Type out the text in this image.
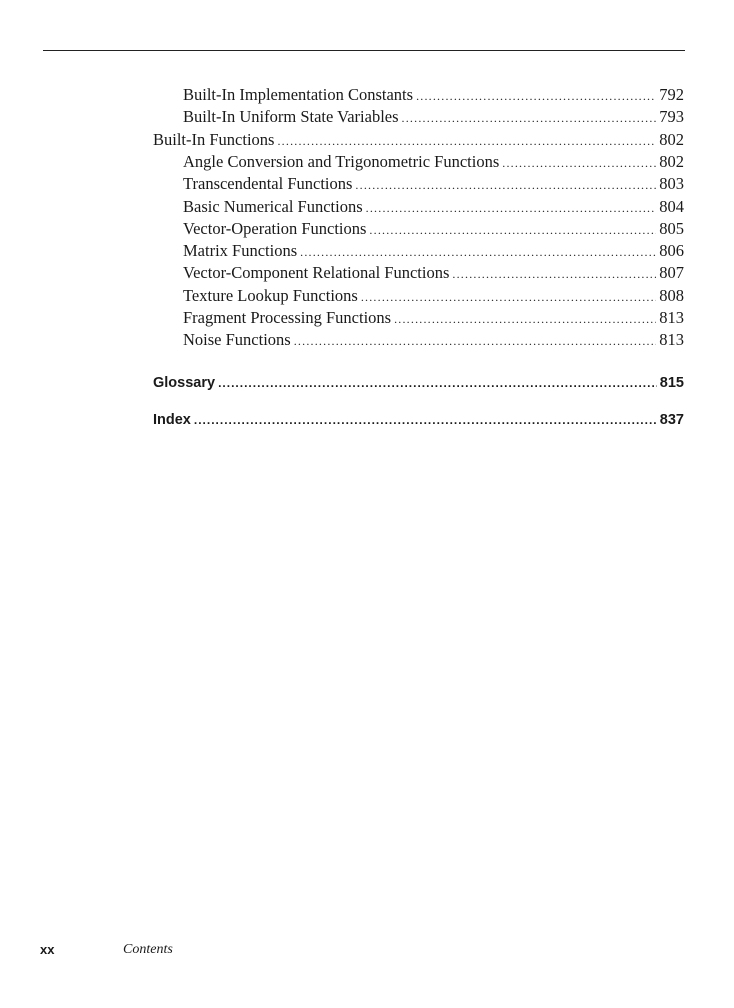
Built-In Implementation Constants .....	792
Built-In Uniform State Variables .....	793
Built-In Functions .....	802
Angle Conversion and Trigonometric Functions .....	802
Transcendental Functions .....	803
Basic Numerical Functions .....	804
Vector-Operation Functions .....	805
Matrix Functions .....	806
Vector-Component Relational Functions .....	807
Texture Lookup Functions .....	808
Fragment Processing Functions .....	813
Noise Functions .....	813
Glossary .....	815
Index .....	837
xx	Contents
